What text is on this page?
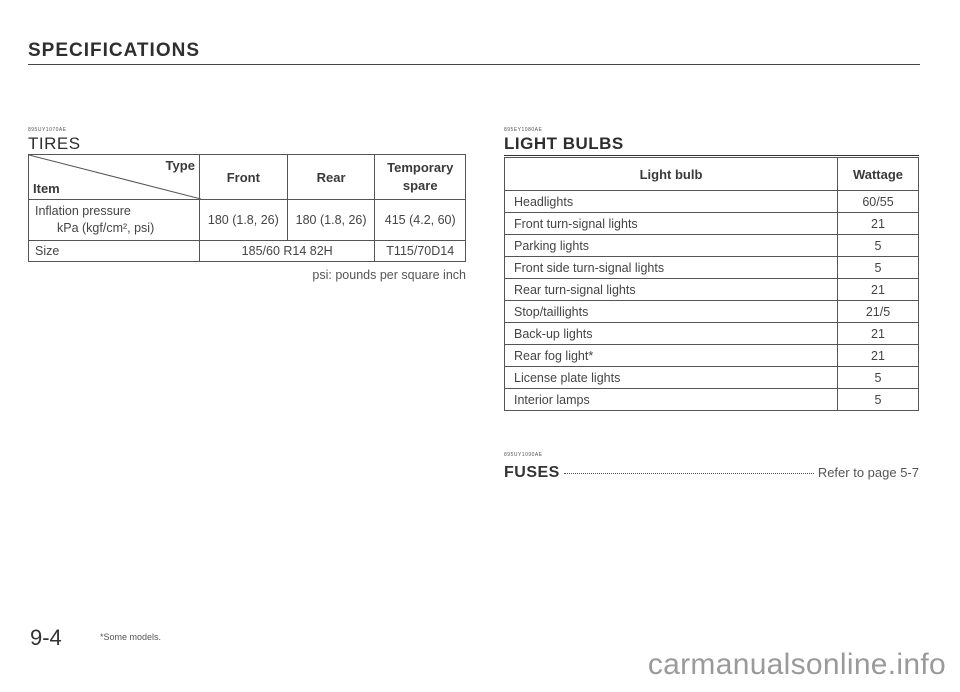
SPECIFICATIONS
895UY1070AE
TIRES
Type
Item	Front	Rear	Temporary spare

Inflation pressure
kPa (kgf/cm², psi)	180 (1.8, 26)	180 (1.8, 26)	415 (4.2, 60)
Size	185/60 R14 82H		T115/70D14
psi: pounds per square inch
895EY1080AE
LIGHT BULBS
Light bulb	Wattage
Headlights	60/55
Front turn-signal lights	21
Parking lights	5
Front side turn-signal lights	5
Rear turn-signal lights	21
Stop/taillights	21/5
Back-up lights	21
Rear fog light*	21
License plate lights	5
Interior lamps	5
895UY1090AE
FUSES	Refer to page 5-7
9-4	*Some models.
carmanualsonline.info
